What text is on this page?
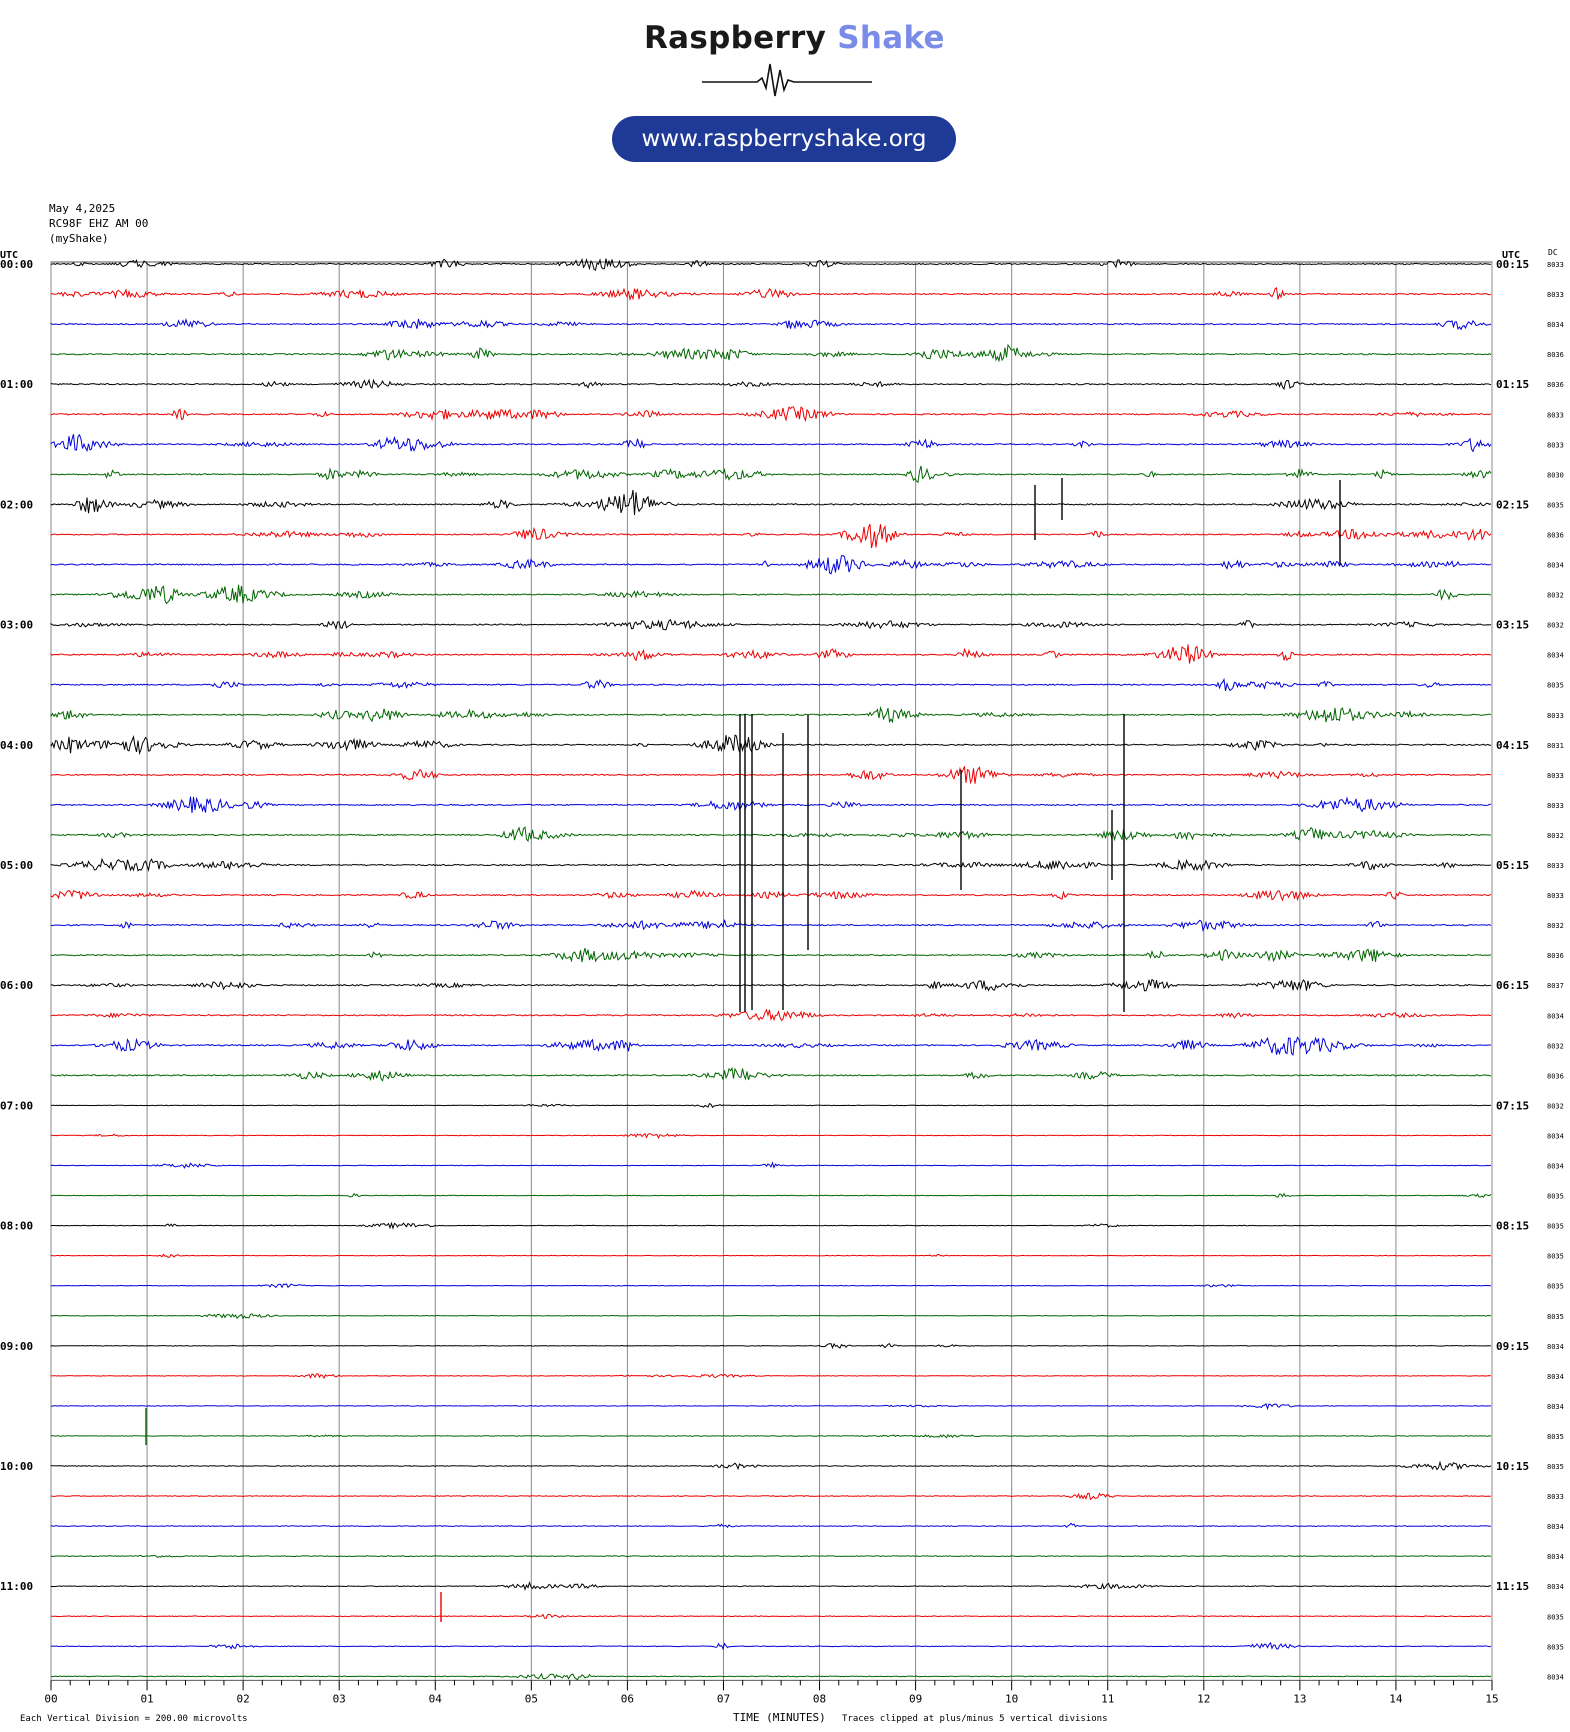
Raspberry Shake
www.raspberryshake.org
May 4,2025
RC98F EHZ AM 00
(myShake)
00	01	02	03	04	05	06	07	08	09	10	11	12	13	14	15
UTC	UTC	DC
00:00
01:00
02:00
03:00
04:00
05:00
06:00
07:00
08:00
09:00
10:00
11:00
00:15
01:15
02:15
03:15
04:15
05:15
06:15
07:15
08:15
09:15
10:15
11:15
8033
8033
8034
8036
8036
8033
8033
8030
8035
8036
8034
8032
8032
8034
8035
8033
8031
8033
8033
8032
8033
8033
8032
8036
8037
8034
8032
8036
8032
8034
8034
8035
8035
8035
8035
8035
8034
8034
8034
8035
8035
8033
8034
8034
8034
8035
8035
8034
Each Vertical Division = 200.00 microvolts	TIME (MINUTES) Traces clipped at plus/minus 5 vertical divisions
